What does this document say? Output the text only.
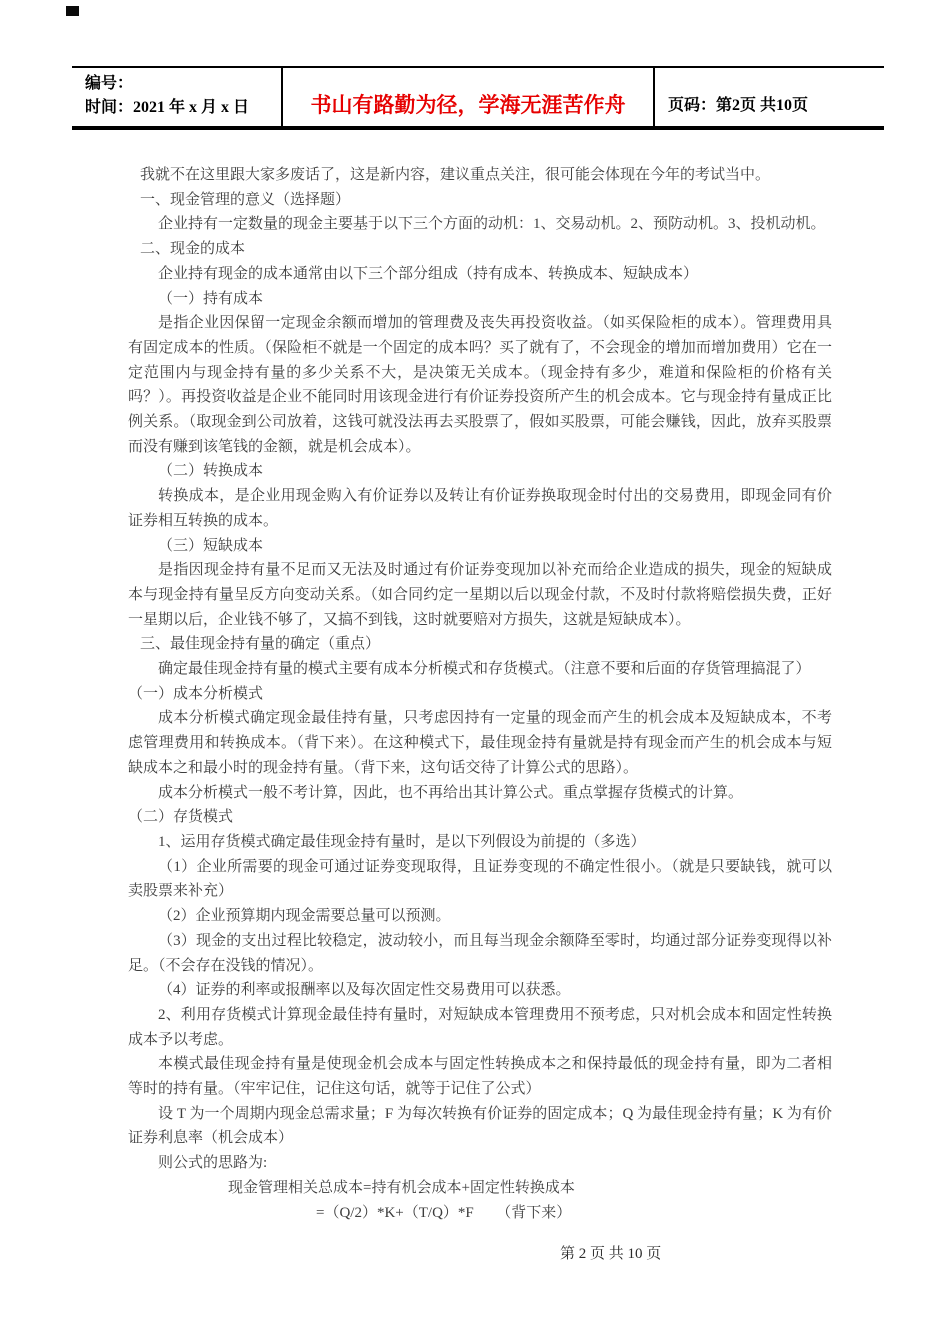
编号：
时间：2021 年 x 月 x 日	书山有路勤为径，学海无涯苦作舟	页码：第2页 共10页

我就不在这里跟大家多废话了，这是新内容，建议重点关注，很可能会体现在今年的考试当中。

一、现金管理的意义（选择题）

企业持有一定数量的现金主要基于以下三个方面的动机：1、交易动机。2、预防动机。3、投机动机。

二、现金的成本

企业持有现金的成本通常由以下三个部分组成（持有成本、转换成本、短缺成本）

（一）持有成本

是指企业因保留一定现金余额而增加的管理费及丧失再投资收益。（如买保险柜的成本）。管理费用具有固定成本的性质。（保险柜不就是一个固定的成本吗？买了就有了，不会现金的增加而增加费用）它在一定范围内与现金持有量的多少关系不大，是决策无关成本。（现金持有多少，难道和保险柜的价格有关吗？）。再投资收益是企业不能同时用该现金进行有价证券投资所产生的机会成本。它与现金持有量成正比例关系。（取现金到公司放着，这钱可就没法再去买股票了，假如买股票，可能会赚钱，因此，放弃买股票而没有赚到该笔钱的金额，就是机会成本）。

（二）转换成本

转换成本，是企业用现金购入有价证券以及转让有价证券换取现金时付出的交易费用，即现金同有价证券相互转换的成本。

（三）短缺成本

是指因现金持有量不足而又无法及时通过有价证券变现加以补充而给企业造成的损失，现金的短缺成本与现金持有量呈反方向变动关系。（如合同约定一星期以后以现金付款，不及时付款将赔偿损失费，正好一星期以后，企业钱不够了，又搞不到钱，这时就要赔对方损失，这就是短缺成本）。

三、最佳现金持有量的确定（重点）

确定最佳现金持有量的模式主要有成本分析模式和存货模式。（注意不要和后面的存货管理搞混了）

（一）成本分析模式

成本分析模式确定现金最佳持有量，只考虑因持有一定量的现金而产生的机会成本及短缺成本，不考虑管理费用和转换成本。（背下来）。在这种模式下，最佳现金持有量就是持有现金而产生的机会成本与短缺成本之和最小时的现金持有量。（背下来，这句话交待了计算公式的思路）。

成本分析模式一般不考计算，因此，也不再给出其计算公式。重点掌握存货模式的计算。

（二）存货模式

1、运用存货模式确定最佳现金持有量时，是以下列假设为前提的（多选）

（1）企业所需要的现金可通过证券变现取得，且证券变现的不确定性很小。（就是只要缺钱，就可以卖股票来补充）

（2）企业预算期内现金需要总量可以预测。

（3）现金的支出过程比较稳定，波动较小，而且每当现金余额降至零时，均通过部分证券变现得以补足。（不会存在没钱的情况）。

（4）证券的利率或报酬率以及每次固定性交易费用可以获悉。

2、利用存货模式计算现金最佳持有量时，对短缺成本管理费用不预考虑，只对机会成本和固定性转换成本予以考虑。

本模式最佳现金持有量是使现金机会成本与固定性转换成本之和保持最低的现金持有量，即为二者相等时的持有量。（牢牢记住，记住这句话，就等于记住了公式）

设 T 为一个周期内现金总需求量；F 为每次转换有价证券的固定成本；Q 为最佳现金持有量；K 为有价证券利息率（机会成本）

则公式的思路为:

现金管理相关总成本=持有机会成本+固定性转换成本

=（Q/2）*K+（T/Q）*F　　（背下来）

第 2 页 共 10 页
